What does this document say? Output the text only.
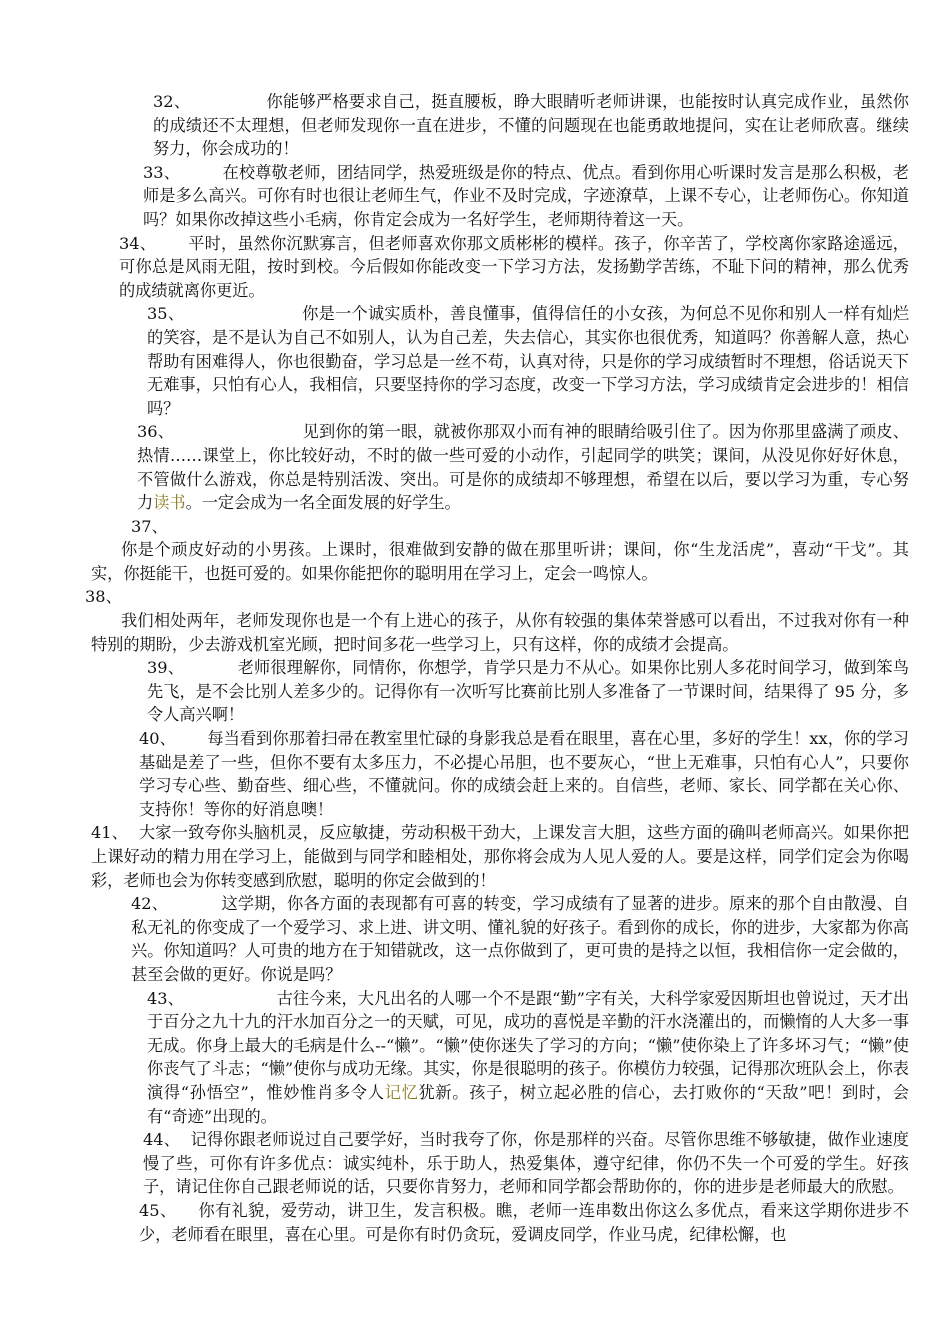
32、	你能够严格要求自己，挺直腰板，睁大眼睛听老师讲课，也能按时认真完成作业，虽然你的成绩还不太理想，但老师发现你一直在进步，不懂的问题现在也能勇敢地提问，实在让老师欣喜。继续努力，你会成功的！

33、	在校尊敬老师，团结同学，热爱班级是你的特点、优点。看到你用心听课时发言是那么积极，老师是多么高兴。可你有时也很让老师生气，作业不及时完成，字迹潦草，上课不专心，让老师伤心。你知道吗？如果你改掉这些小毛病，你肯定会成为一名好学生，老师期待着这一天。

34、 平时，虽然你沉默寡言，但老师喜欢你那文质彬彬的模样。孩子，你辛苦了，学校离你家路途遥远，可你总是风雨无阻，按时到校。今后假如你能改变一下学习方法，发扬勤学苦练，不耻下问的精神，那么优秀的成绩就离你更近。

35、	你是一个诚实质朴，善良懂事，值得信任的小女孩，为何总不见你和别人一样有灿烂的笑容，是不是认为自己不如别人，认为自己差，失去信心，其实你也很优秀，知道吗？你善解人意，热心帮助有困难得人，你也很勤奋，学习总是一丝不苟，认真对待，只是你的学习成绩暂时不理想，俗话说天下无难事，只怕有心人，我相信，只要坚持你的学习态度，改变一下学习方法，学习成绩肯定会进步的！相信吗？

36、	见到你的第一眼，就被你那双小而有神的眼睛给吸引住了。因为你那里盛满了顽皮、热情……课堂上，你比较好动，不时的做一些可爱的小动作，引起同学的哄笑；课间，从没见你好好休息，不管做什么游戏，你总是特别活泼、突出。可是你的成绩却不够理想，希望在以后，要以学习为重，专心努力读书。一定会成为一名全面发展的好学生。

37、

你是个顽皮好动的小男孩。上课时，很难做到安静的做在那里听讲；课间，你“生龙活虎”，喜动“干戈”。其实，你挺能干，也挺可爱的。如果你能把你的聪明用在学习上，定会一鸣惊人。

38、

我们相处两年，老师发现你也是一个有上进心的孩子，从你有较强的集体荣誉感可以看出，不过我对你有一种特别的期盼，少去游戏机室光顾，把时间多花一些学习上，只有这样，你的成绩才会提高。

39、	老师很理解你，同情你，你想学，肯学只是力不从心。如果你比别人多花时间学习，做到笨鸟先飞，是不会比别人差多少的。记得你有一次听写比赛前比别人多准备了一节课时间，结果得了 95 分，多令人高兴啊！

40、 每当看到你那着扫帚在教室里忙碌的身影我总是看在眼里，喜在心里，多好的学生！xx，你的学习基础是差了一些，但你不要有太多压力，不必提心吊胆，也不要灰心，“世上无难事，只怕有心人”，只要你学习专心些、勤奋些、细心些，不懂就问。你的成绩会赶上来的。自信些，老师、家长、同学都在关心你、支持你！等你的好消息噢！

41、 大家一致夸你头脑机灵，反应敏捷，劳动积极干劲大，上课发言大胆，这些方面的确叫老师高兴。如果你把上课好动的精力用在学习上，能做到与同学和睦相处，那你将会成为人见人爱的人。要是这样，同学们定会为你喝彩，老师也会为你转变感到欣慰，聪明的你定会做到的！

42、	这学期，你各方面的表现都有可喜的转变，学习成绩有了显著的进步。原来的那个自由散漫、自私无礼的你变成了一个爱学习、求上进、讲文明、懂礼貌的好孩子。看到你的成长，你的进步，大家都为你高兴。你知道吗？人可贵的地方在于知错就改，这一点你做到了，更可贵的是持之以恒，我相信你一定会做的，甚至会做的更好。你说是吗？

43、	古往今来，大凡出名的人哪一个不是跟“勤”字有关，大科学家爱因斯坦也曾说过，天才出于百分之九十九的汗水加百分之一的天赋，可见，成功的喜悦是辛勤的汗水浇灌出的，而懒惰的人大多一事无成。你身上最大的毛病是什么--“懒”。“懒”使你迷失了学习的方向；“懒”使你染上了许多坏习气；“懒”使你丧气了斗志；“懒”使你与成功无缘。其实，你是很聪明的孩子。你模仿力较强，记得那次班队会上，你表演得“孙悟空”，惟妙惟肖多令人记忆犹新。孩子，树立起必胜的信心，去打败你的“天敌”吧！到时，会有“奇迹”出现的。

44、 记得你跟老师说过自己要学好，当时我夸了你，你是那样的兴奋。尽管你思维不够敏捷，做作业速度慢了些，可你有许多优点：诚实纯朴，乐于助人，热爱集体，遵守纪律，你仍不失一个可爱的学生。好孩子，请记住你自己跟老师说的话，只要你肯努力，老师和同学都会帮助你的，你的进步是老师最大的欣慰。

45、 你有礼貌，爱劳动，讲卫生，发言积极。瞧，老师一连串数出你这么多优点，看来这学期你进步不少，老师看在眼里，喜在心里。可是你有时仍贪玩，爱调皮同学，作业马虎，纪律松懈，也
